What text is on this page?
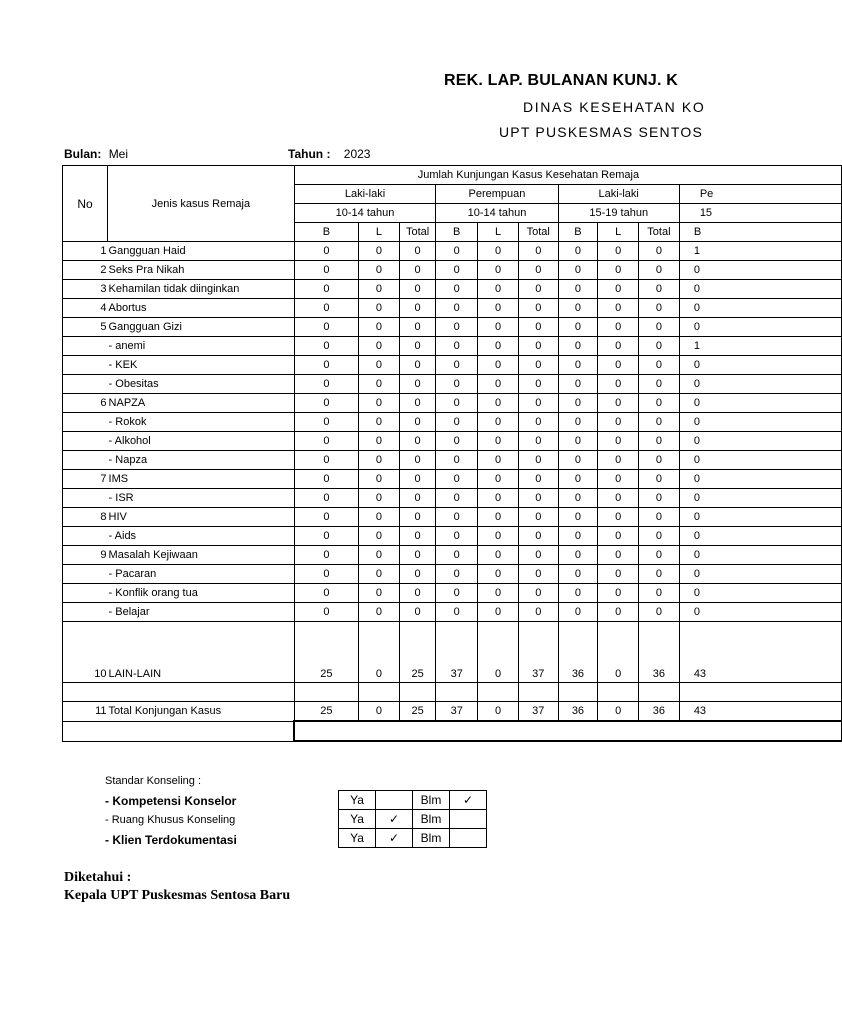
REK. LAP. BULANAN KUNJ. K
DINAS KESEHATAN KO
UPT PUSKESMAS SENTOS
Bulan: Mei	Tahun : 2023
No	Jenis kasus Remaja	Jumlah Kunjungan Kasus Kesehatan Remaja									
		Laki-laki			Perempuan			Laki-laki			Pe
		10-14 tahun			10-14 tahun			15-19 tahun			15
		B	L	Total	B	L	Total	B	L	Total	B
1	Gangguan Haid	0	0	0	0	0	0	0	0	0	1
2	Seks Pra Nikah	0	0	0	0	0	0	0	0	0	0
3	Kehamilan tidak diinginkan	0	0	0	0	0	0	0	0	0	0
4	Abortus	0	0	0	0	0	0	0	0	0	0
5	Gangguan Gizi	0	0	0	0	0	0	0	0	0	0
	- anemi	0	0	0	0	0	0	0	0	0	1
	- KEK	0	0	0	0	0	0	0	0	0	0
	- Obesitas	0	0	0	0	0	0	0	0	0	0
6	NAPZA	0	0	0	0	0	0	0	0	0	0
	- Rokok	0	0	0	0	0	0	0	0	0	0
	- Alkohol	0	0	0	0	0	0	0	0	0	0
	- Napza	0	0	0	0	0	0	0	0	0	0
7	IMS	0	0	0	0	0	0	0	0	0	0
	- ISR	0	0	0	0	0	0	0	0	0	0
8	HIV	0	0	0	0	0	0	0	0	0	0
	- Aids	0	0	0	0	0	0	0	0	0	0
9	Masalah Kejiwaan	0	0	0	0	0	0	0	0	0	0
	- Pacaran	0	0	0	0	0	0	0	0	0	0
	- Konflik orang tua	0	0	0	0	0	0	0	0	0	0
	- Belajar	0	0	0	0	0	0	0	0	0	0
10	LAIN-LAIN	25	0	25	37	0	37	36	0	36	43

11	Total Konjungan Kasus	25	0	25	37	0	37	36	0	36	43

Standar Konseling :
- Kompetensi Konselor
- Ruang Khusus Konseling
- Klien Terdokumentasi
Ya		Blm	✓
Ya	✓	Blm	
Ya	✓	Blm	
Diketahui :
Kepala UPT Puskesmas Sentosa Baru
